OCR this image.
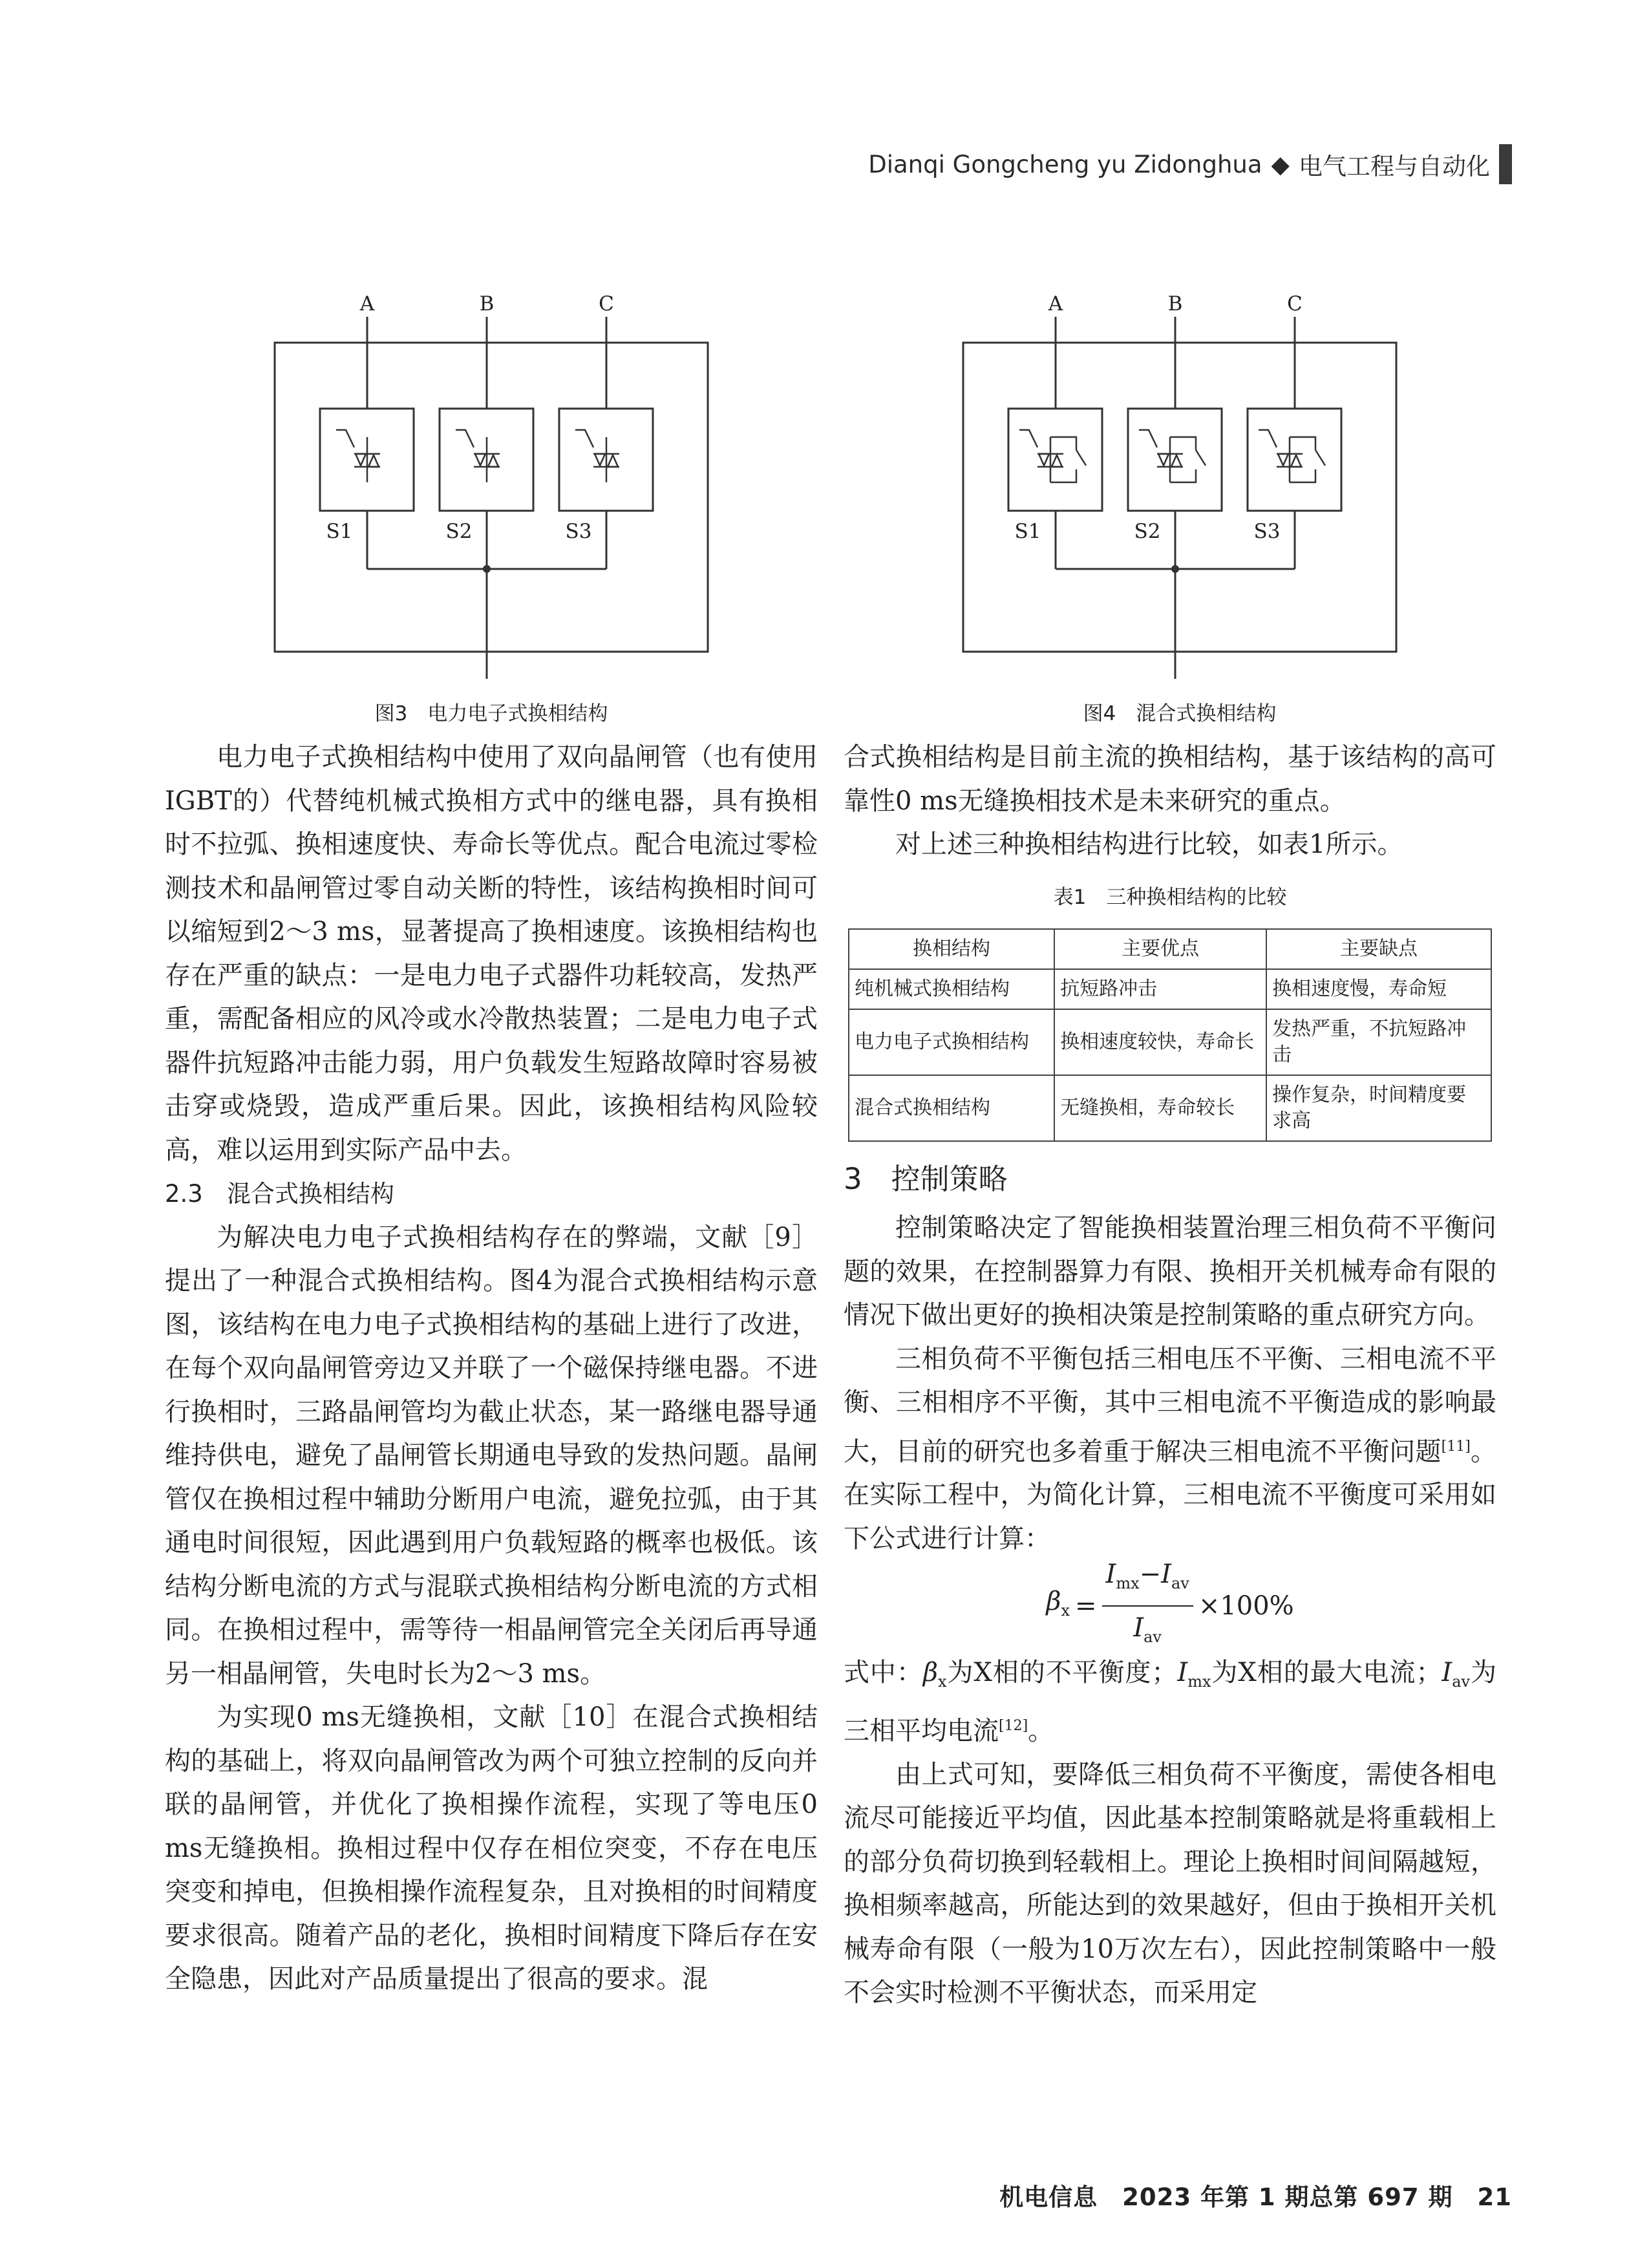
Dianqi Gongcheng yu Zidonghua ◆ 电气工程与自动化
A	B	C
S1	S2	S3
图3　电力电子式换相结构
A	B	C
S1	S2	S3
图4　混合式换相结构

电力电子式换相结构中使用了双向晶闸管（也有使用IGBT的）代替纯机械式换相方式中的继电器，具有换相时不拉弧、换相速度快、寿命长等优点。配合电流过零检测技术和晶闸管过零自动关断的特性，该结构换相时间可以缩短到2～3 ms，显著提高了换相速度。该换相结构也存在严重的缺点：一是电力电子式器件功耗较高，发热严重，需配备相应的风冷或水冷散热装置；二是电力电子式器件抗短路冲击能力弱，用户负载发生短路故障时容易被击穿或烧毁，造成严重后果。因此，该换相结构风险较高，难以运用到实际产品中去。

2.3　混合式换相结构

为解决电力电子式换相结构存在的弊端，文献［9］提出了一种混合式换相结构。图4为混合式换相结构示意图，该结构在电力电子式换相结构的基础上进行了改进，在每个双向晶闸管旁边又并联了一个磁保持继电器。不进行换相时，三路晶闸管均为截止状态，某一路继电器导通维持供电，避免了晶闸管长期通电导致的发热问题。晶闸管仅在换相过程中辅助分断用户电流，避免拉弧，由于其通电时间很短，因此遇到用户负载短路的概率也极低。该结构分断电流的方式与混联式换相结构分断电流的方式相同。在换相过程中，需等待一相晶闸管完全关闭后再导通另一相晶闸管，失电时长为2～3 ms。

为实现0 ms无缝换相，文献［10］在混合式换相结构的基础上，将双向晶闸管改为两个可独立控制的反向并联的晶闸管，并优化了换相操作流程，实现了等电压0 ms无缝换相。换相过程中仅存在相位突变，不存在电压突变和掉电，但换相操作流程复杂，且对换相的时间精度要求很高。随着产品的老化，换相时间精度下降后存在安全隐患，因此对产品质量提出了很高的要求。混

合式换相结构是目前主流的换相结构，基于该结构的高可靠性0 ms无缝换相技术是未来研究的重点。

对上述三种换相结构进行比较，如表1所示。

表1　三种换相结构的比较
换相结构	主要优点	主要缺点
纯机械式换相结构	抗短路冲击	换相速度慢，寿命短
电力电子式换相结构	换相速度较快，寿命长	发热严重，不抗短路冲击
混合式换相结构	无缝换相，寿命较长	操作复杂，时间精度要求高
3　控制策略

控制策略决定了智能换相装置治理三相负荷不平衡问题的效果，在控制器算力有限、换相开关机械寿命有限的情况下做出更好的换相决策是控制策略的重点研究方向。

三相负荷不平衡包括三相电压不平衡、三相电流不平衡、三相相序不平衡，其中三相电流不平衡造成的影响最大，目前的研究也多着重于解决三相电流不平衡问题[11]。在实际工程中，为简化计算，三相电流不平衡度可采用如下公式进行计算：

$\beta_x = \frac{I_{mx}-I_{av}}{I_{av}} \times 100\%$

式中：$\beta_x$为X相的不平衡度；$I_{mx}$为X相的最大电流；$I_{av}$为三相平均电流[12]。

由上式可知，要降低三相负荷不平衡度，需使各相电流尽可能接近平均值，因此基本控制策略就是将重载相上的部分负荷切换到轻载相上。理论上换相时间间隔越短，换相频率越高，所能达到的效果越好，但由于换相开关机械寿命有限（一般为10万次左右），因此控制策略中一般不会实时检测不平衡状态，而采用定

机电信息　2023 年第 1 期总第 697 期　21
